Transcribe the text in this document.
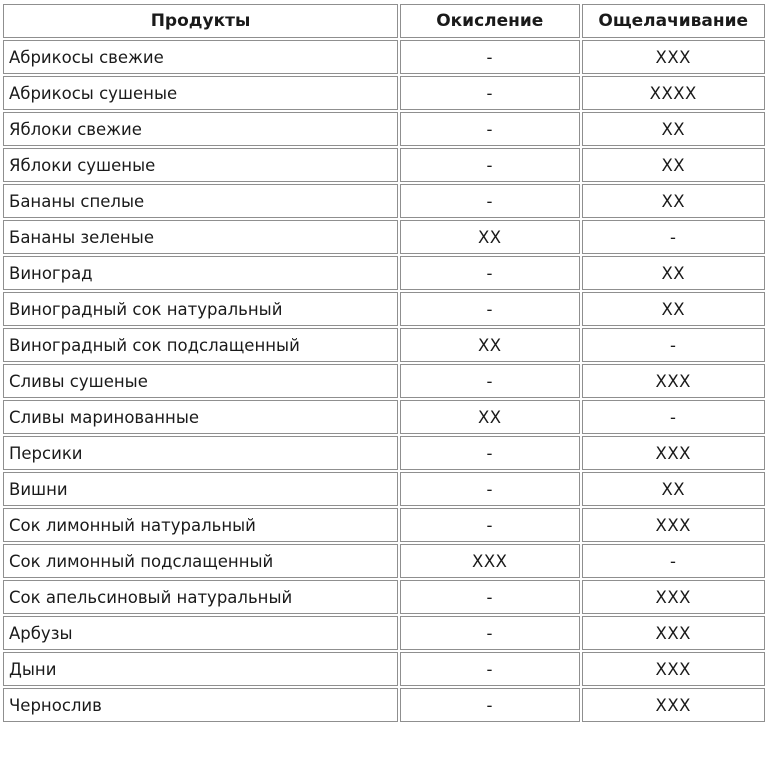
Продукты	Окисление	Ощелачивание
Абрикосы свежие	-	XXX
Абрикосы сушеные	-	XXXX
Яблоки свежие	-	XX
Яблоки сушеные	-	XX
Бананы спелые	-	XX
Бананы зеленые	XX	-
Виноград	-	XX
Виноградный сок натуральный	-	XX
Виноградный сок подслащенный	XX	-
Сливы сушеные	-	XXX
Сливы маринованные	XX	-
Персики	-	XXX
Вишни	-	XX
Сок лимонный натуральный	-	XXX
Сок лимонный подслащенный	XXX	-
Сок апельсиновый натуральный	-	XXX
Арбузы	-	XXX
Дыни	-	XXX
Чернослив	-	XXX
